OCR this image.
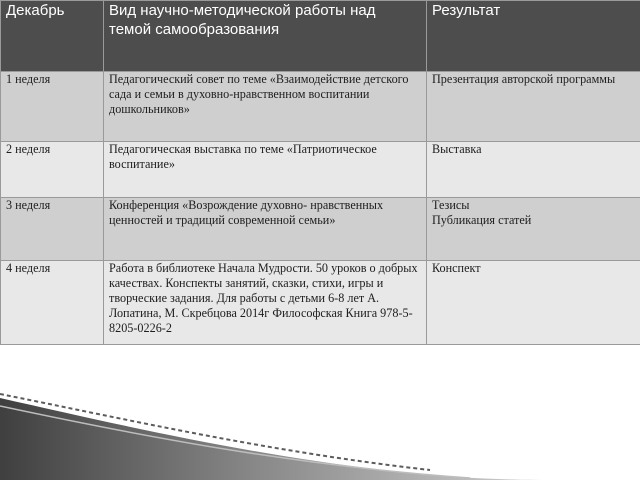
Декабрь	Вид научно-методической работы над темой самообразования	Результат
1 неделя	Педагогический совет по теме «Взаимодействие детского сада и семьи в духовно-нравственном воспитании дошкольников»	Презентация авторской программы

2 неделя	Педагогическая выставка по теме «Патриотическое воспитание»	Выставка

3 неделя	Конференция «Возрождение духовно- нравственных ценностей и традиций современной семьи»	Тезисы
Публикация статей

4 неделя	Работа в библиотеке Начала Мудрости. 50 уроков о добрых качествах. Конспекты занятий, сказки, стихи, игры и творческие задания. Для работы с детьми 6-8 лет А. Лопатина, М. Скребцова 2014г Философская Книга 978-5-8205-0226-2	Конспект
